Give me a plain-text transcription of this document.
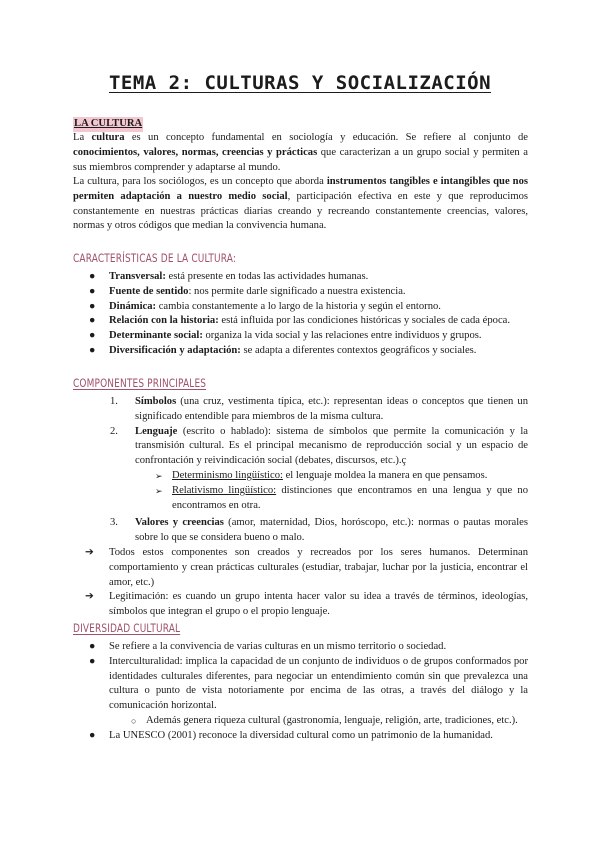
TEMA 2: CULTURAS Y SOCIALIZACIÓN
LA CULTURA
La cultura es un concepto fundamental en sociología y educación. Se refiere al conjunto de conocimientos, valores, normas, creencias y prácticas que caracterizan a un grupo social y permiten a sus miembros comprender y adaptarse al mundo.
La cultura, para los sociólogos, es un concepto que aborda instrumentos tangibles e intangibles que nos permiten adaptación a nuestro medio social, participación efectiva en este y que reproducimos constantemente en nuestras prácticas diarias creando y recreando constantemente creencias, valores, normas y otros códigos que median la convivencia humana.
CARACTERÍSTICAS DE LA CULTURA:
● Transversal: está presente en todas las actividades humanas.
● Fuente de sentido: nos permite darle significado a nuestra existencia.
● Dinámica: cambia constantemente a lo largo de la historia y según el entorno.
● Relación con la historia: está influida por las condiciones históricas y sociales de cada época.
● Determinante social: organiza la vida social y las relaciones entre individuos y grupos.
● Diversificación y adaptación: se adapta a diferentes contextos geográficos y sociales.
COMPONENTES PRINCIPALES
1. Símbolos (una cruz, vestimenta típica, etc.): representan ideas o conceptos que tienen un significado entendible para miembros de la misma cultura.
2. Lenguaje (escrito o hablado): sistema de símbolos que permite la comunicación y la transmisión cultural. Es el principal mecanismo de reproducción social y un espacio de confrontación y reivindicación social (debates, discursos, etc.).ç
➢ Determinismo lingüístico: el lenguaje moldea la manera en que pensamos.
➢ Relativismo lingüístico: distinciones que encontramos en una lengua y que no encontramos en otra.
3. Valores y creencias (amor, maternidad, Dios, horóscopo, etc.): normas o pautas morales sobre lo que se considera bueno o malo.
➔ Todos estos componentes son creados y recreados por los seres humanos. Determinan comportamiento y crean prácticas culturales (estudiar, trabajar, luchar por la justicia, encontrar el amor, etc.)
➔ Legitimación: es cuando un grupo intenta hacer valor su idea a través de términos, ideologías, símbolos que integran el grupo o el propio lenguaje.
DIVERSIDAD CULTURAL
● Se refiere a la convivencia de varias culturas en un mismo territorio o sociedad.
● Interculturalidad: implica la capacidad de un conjunto de individuos o de grupos conformados por identidades culturales diferentes, para negociar un entendimiento común sin que prevalezca una cultura o punto de vista notoriamente por encima de las otras, a través del diálogo y la comunicación horizontal.
○ Además genera riqueza cultural (gastronomía, lenguaje, religión, arte, tradiciones, etc.).
● La UNESCO (2001) reconoce la diversidad cultural como un patrimonio de la humanidad.
